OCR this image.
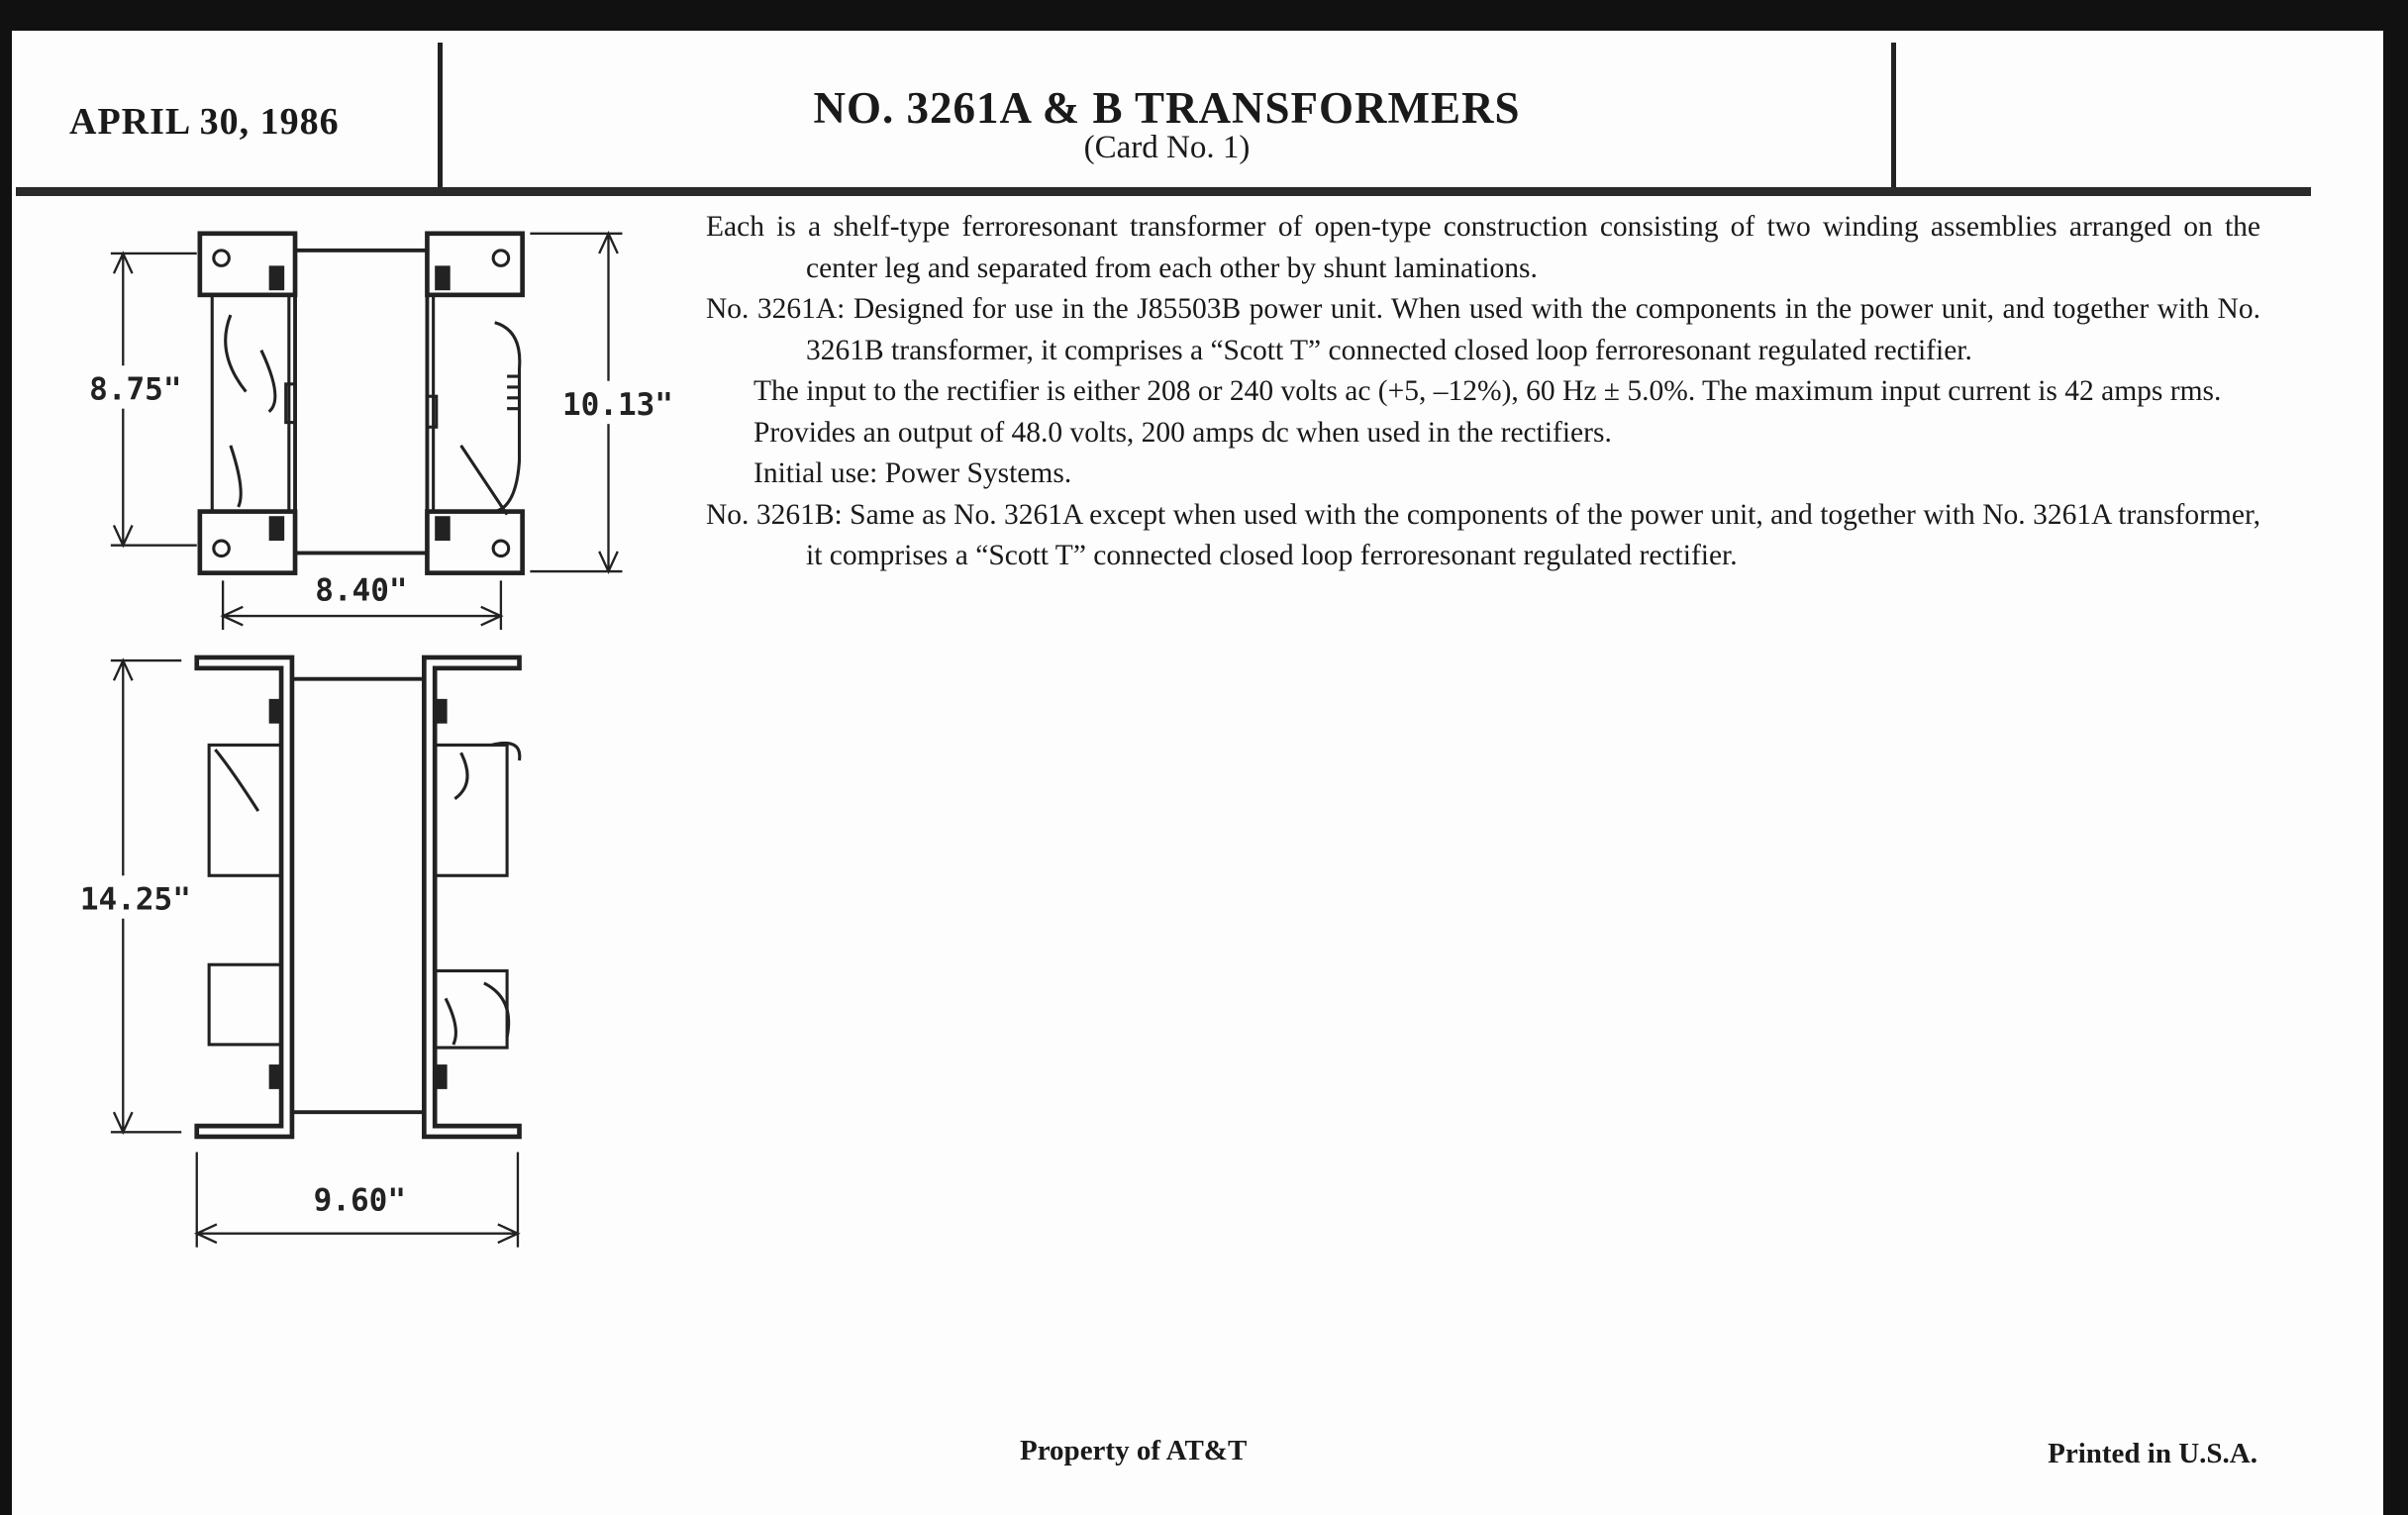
APRIL 30, 1986	NO. 3261A & B TRANSFORMERS
(Card No. 1)

Each is a shelf-type ferroresonant transformer of open-type construction consisting of two winding assemblies arranged on the center leg and separated from each other by shunt laminations.

No. 3261A: Designed for use in the J85503B power unit. When used with the components in the power unit, and together with No. 3261B transformer, it comprises a “Scott T” connected closed loop ferroresonant regulated rectifier.

The input to the rectifier is either 208 or 240 volts ac (+5, –12%), 60 Hz ± 5.0%. The maximum input current is 42 amps rms.

Provides an output of 48.0 volts, 200 amps dc when used in the rectifiers.

Initial use: Power Systems.

No. 3261B: Same as No. 3261A except when used with the components of the power unit, and together with No. 3261A transformer, it comprises a “Scott T” connected closed loop ferroresonant regulated rectifier.

Property of AT&T	Printed in U.S.A.
8.75"	10.13"
8.40"
14.25"
9.60"
